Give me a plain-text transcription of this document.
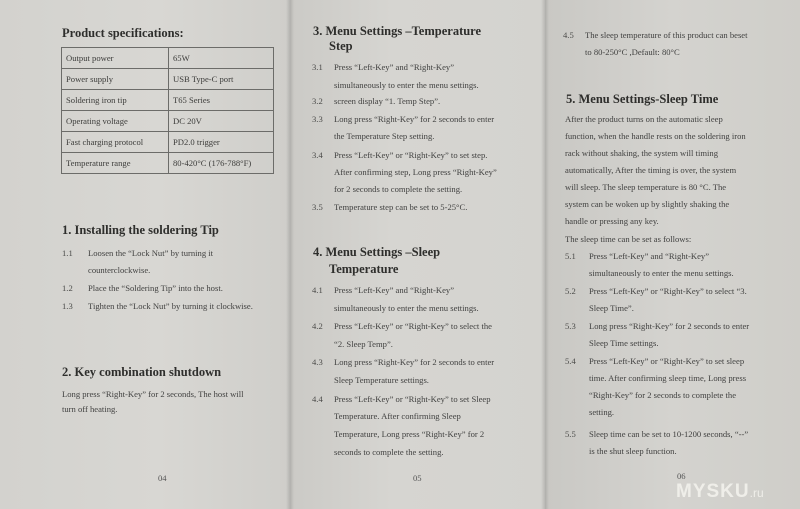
Product specifications:
Output power	65W
Power supply	USB Type-C port
Soldering iron tip	T65 Series
Operating voltage	DC 20V
Fast charging protocol	PD2.0 trigger
Temperature range	80-420°C (176-788°F)
1. Installing the soldering Tip
1.1 Loosen the “Lock Nut” by turning it
counterclockwise.
1.2 Place the “Soldering Tip” into the host.
1.3 Tighten the “Lock Nut” by turning it clockwise.
2. Key combination shutdown
Long press “Right-Key” for 2 seconds, The host will
turn off heating.
04
3. Menu Settings –Temperature
Step
3.1 Press “Left-Key” and “Right-Key”
simultaneously to enter the menu settings.
3.2 screen display “1. Temp Step”.
3.3 Long press “Right-Key” for 2 seconds to enter
the Temperature Step setting.
3.4 Press “Left-Key” or “Right-Key” to set step.
After confirming step, Long press “Right-Key”
for 2 seconds to complete the setting.
3.5 Temperature step can be set to 5-25°C.
4. Menu Settings –Sleep
Temperature
4.1 Press “Left-Key” and “Right-Key”
simultaneously to enter the menu settings.
4.2 Press “Left-Key” or “Right-Key” to select the
“2. Sleep Temp”.
4.3 Long press “Right-Key” for 2 seconds to enter
Sleep Temperature settings.
4.4 Press “Left-Key” or “Right-Key” to set Sleep
Temperature. After confirming Sleep
Temperature, Long press “Right-Key” for 2
seconds to complete the setting.
05
4.5 The sleep temperature of this product can beset
to 80-250°C ,Default: 80°C
5. Menu Settings-Sleep Time
After the product turns on the automatic sleep
function, when the handle rests on the soldering iron
rack without shaking, the system will timing
automatically, After the timing is over, the system
will sleep. The sleep temperature is 80 °C. The
system can be woken up by slightly shaking the
handle or pressing any key.
The sleep time can be set as follows:
5.1 Press “Left-Key” and “Right-Key”
simultaneously to enter the menu settings.
5.2 Press “Left-Key” or “Right-Key” to select “3.
Sleep Time”.
5.3 Long press “Right-Key” for 2 seconds to enter
Sleep Time settings.
5.4 Press “Left-Key” or “Right-Key” to set sleep
time. After confirming sleep time, Long press
“Right-Key” for 2 seconds to complete the
setting.
5.5 Sleep time can be set to 10-1200 seconds, “--”
is the shut sleep function.
06
MYSKU.ru
